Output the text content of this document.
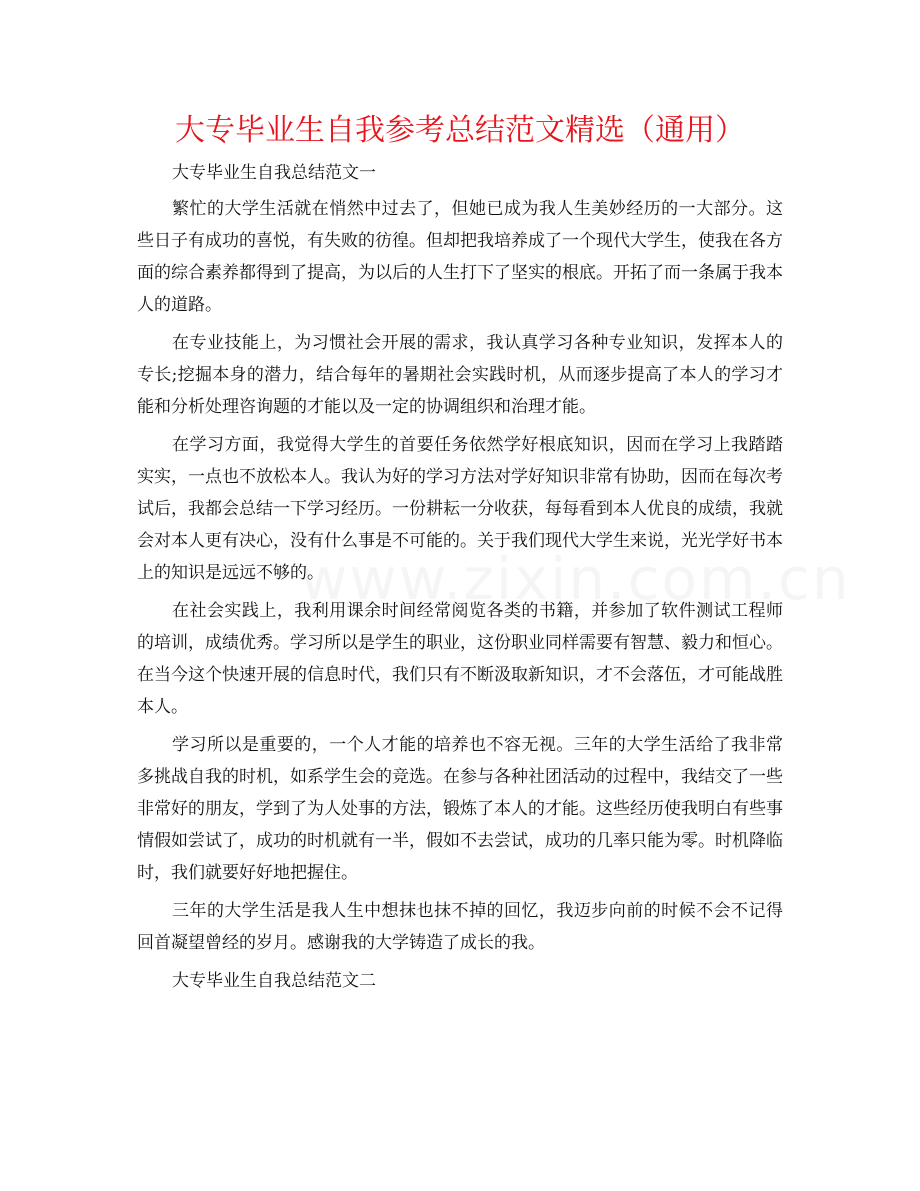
大专毕业生自我参考总结范文精选（通用）

大专毕业生自我总结范文一

繁忙的大学生活就在悄然中过去了，但她已成为我人生美妙经历的一大部分。这些日子有成功的喜悦，有失败的彷徨。但却把我培养成了一个现代大学生，使我在各方面的综合素养都得到了提高，为以后的人生打下了坚实的根底。开拓了而一条属于我本人的道路。

在专业技能上，为习惯社会开展的需求，我认真学习各种专业知识，发挥本人的专长;挖掘本身的潜力，结合每年的暑期社会实践时机，从而逐步提高了本人的学习才能和分析处理咨询题的才能以及一定的协调组织和治理才能。

在学习方面，我觉得大学生的首要任务依然学好根底知识，因而在学习上我踏踏实实，一点也不放松本人。我认为好的学习方法对学好知识非常有协助，因而在每次考试后，我都会总结一下学习经历。一份耕耘一分收获，每每看到本人优良的成绩，我就会对本人更有决心，没有什么事是不可能的。关于我们现代大学生来说，光光学好书本上的知识是远远不够的。

在社会实践上，我利用课余时间经常阅览各类的书籍，并参加了软件测试工程师的培训，成绩优秀。学习所以是学生的职业，这份职业同样需要有智慧、毅力和恒心。在当今这个快速开展的信息时代，我们只有不断汲取新知识，才不会落伍，才可能战胜本人。

学习所以是重要的，一个人才能的培养也不容无视。三年的大学生活给了我非常多挑战自我的时机，如系学生会的竞选。在参与各种社团活动的过程中，我结交了一些非常好的朋友，学到了为人处事的方法，锻炼了本人的才能。这些经历使我明白有些事情假如尝试了，成功的时机就有一半，假如不去尝试，成功的几率只能为零。时机降临时，我们就要好好地把握住。

三年的大学生活是我人生中想抹也抹不掉的回忆，我迈步向前的时候不会不记得回首凝望曾经的岁月。感谢我的大学铸造了成长的我。

大专毕业生自我总结范文二
